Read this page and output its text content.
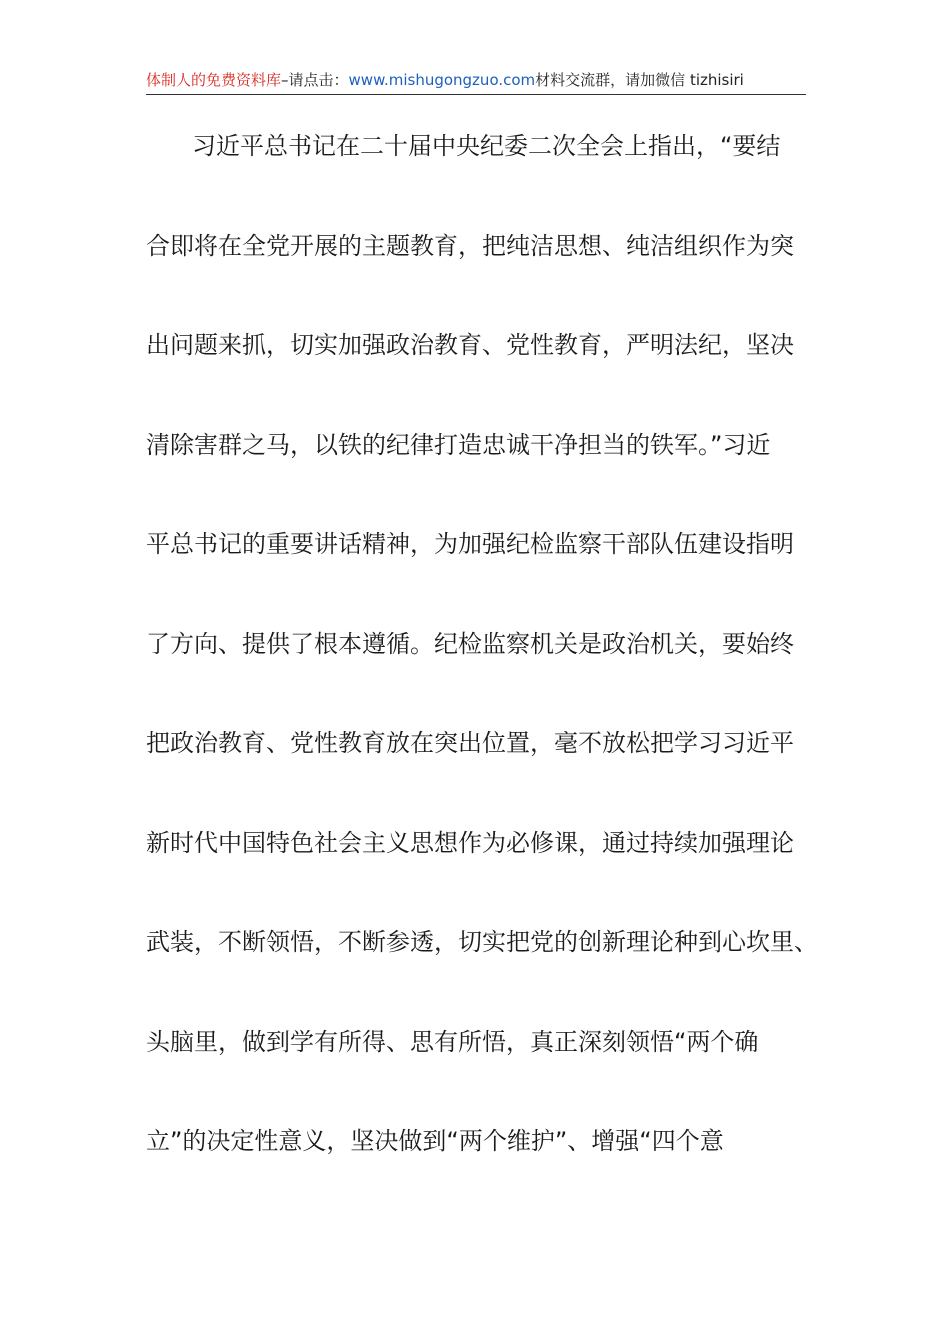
体制人的免费资料库–请点击：www.mishugongzuo.com材料交流群，请加微信 tizhisiri
习近平总书记在二十届中央纪委二次全会上指出，“要结
合即将在全党开展的主题教育，把纯洁思想、纯洁组织作为突
出问题来抓，切实加强政治教育、党性教育，严明法纪，坚决
清除害群之马，以铁的纪律打造忠诚干净担当的铁军。”习近
平总书记的重要讲话精神，为加强纪检监察干部队伍建设指明
了方向、提供了根本遵循。纪检监察机关是政治机关，要始终
把政治教育、党性教育放在突出位置，毫不放松把学习习近平
新时代中国特色社会主义思想作为必修课，通过持续加强理论
武装，不断领悟，不断参透，切实把党的创新理论种到心坎里、
头脑里，做到学有所得、思有所悟，真正深刻领悟“两个确
立”的决定性意义，坚决做到“两个维护”、增强“四个意
